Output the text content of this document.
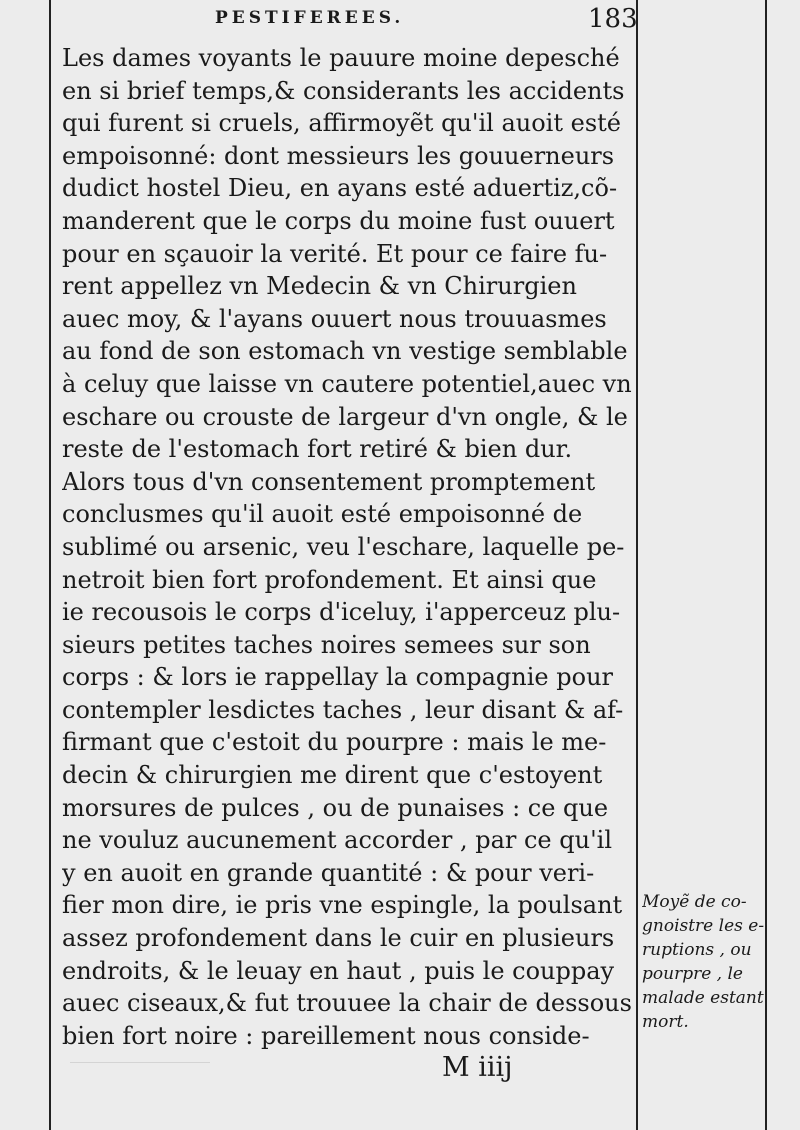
PESTIFEREES.	183
Les dames voyants le pauure moine depesché
en si brief temps,& considerants les accidents
qui furent si cruels, affirmoyẽt qu'il auoit esté
empoisonné: dont messieurs les gouuerneurs
dudict hostel Dieu, en ayans esté aduertiz,cõ-
manderent que le corps du moine fust ouuert
pour en sçauoir la verité. Et pour ce faire fu-
rent appellez vn Medecin & vn Chirurgien
auec moy, & l'ayans ouuert nous trouuasmes
au fond de son estomach vn vestige semblable
à celuy que laisse vn cautere potentiel,auec vn
eschare ou crouste de largeur d'vn ongle, & le
reste de l'estomach fort retiré & bien dur.
Alors tous d'vn consentement promptement
conclusmes qu'il auoit esté empoisonné de
sublimé ou arsenic, veu l'eschare, laquelle pe-
netroit bien fort profondement. Et ainsi que
ie recousois le corps d'iceluy, i'apperceuz plu-
sieurs petites taches noires semees sur son
corps : & lors ie rappellay la compagnie pour
contempler lesdictes taches , leur disant & af-
firmant que c'estoit du pourpre : mais le me-
decin & chirurgien me dirent que c'estoyent
morsures de pulces , ou de punaises : ce que
ne vouluz aucunement accorder , par ce qu'il
y en auoit en grande quantité : & pour veri-
fier mon dire, ie pris vne espingle, la poulsant
assez profondement dans le cuir en plusieurs
endroits, & le leuay en haut , puis le couppay
auec ciseaux,& fut trouuee la chair de dessous
bien fort noire : pareillement nous conside-
Moyẽ de co-
gnoistre les e-
ruptions , ou
pourpre , le
malade estant
mort.
M iiij
